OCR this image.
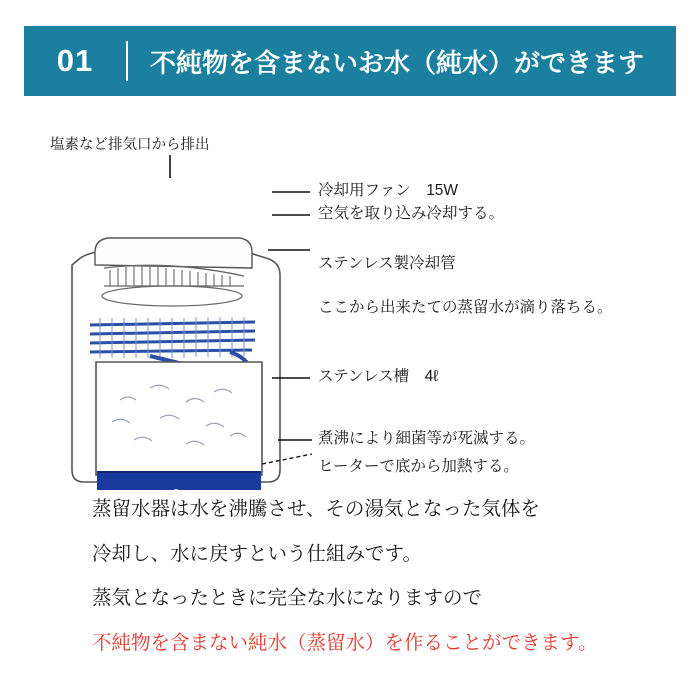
01	不純物を含まないお水（純水）ができます
塩素など排気口から排出
冷却用ファン　15W
空気を取り込み冷却する。
ステンレス製冷却管
ここから出来たての蒸留水が滴り落ちる。
ステンレス槽　4ℓ
煮沸により細菌等が死滅する。
ヒーターで底から加熱する。
蒸留水器は水を沸騰させ、その湯気となった気体を
冷却し、水に戻すという仕組みです。
蒸気となったときに完全な水になりますので
不純物を含まない純水（蒸留水）を作ることができます。
